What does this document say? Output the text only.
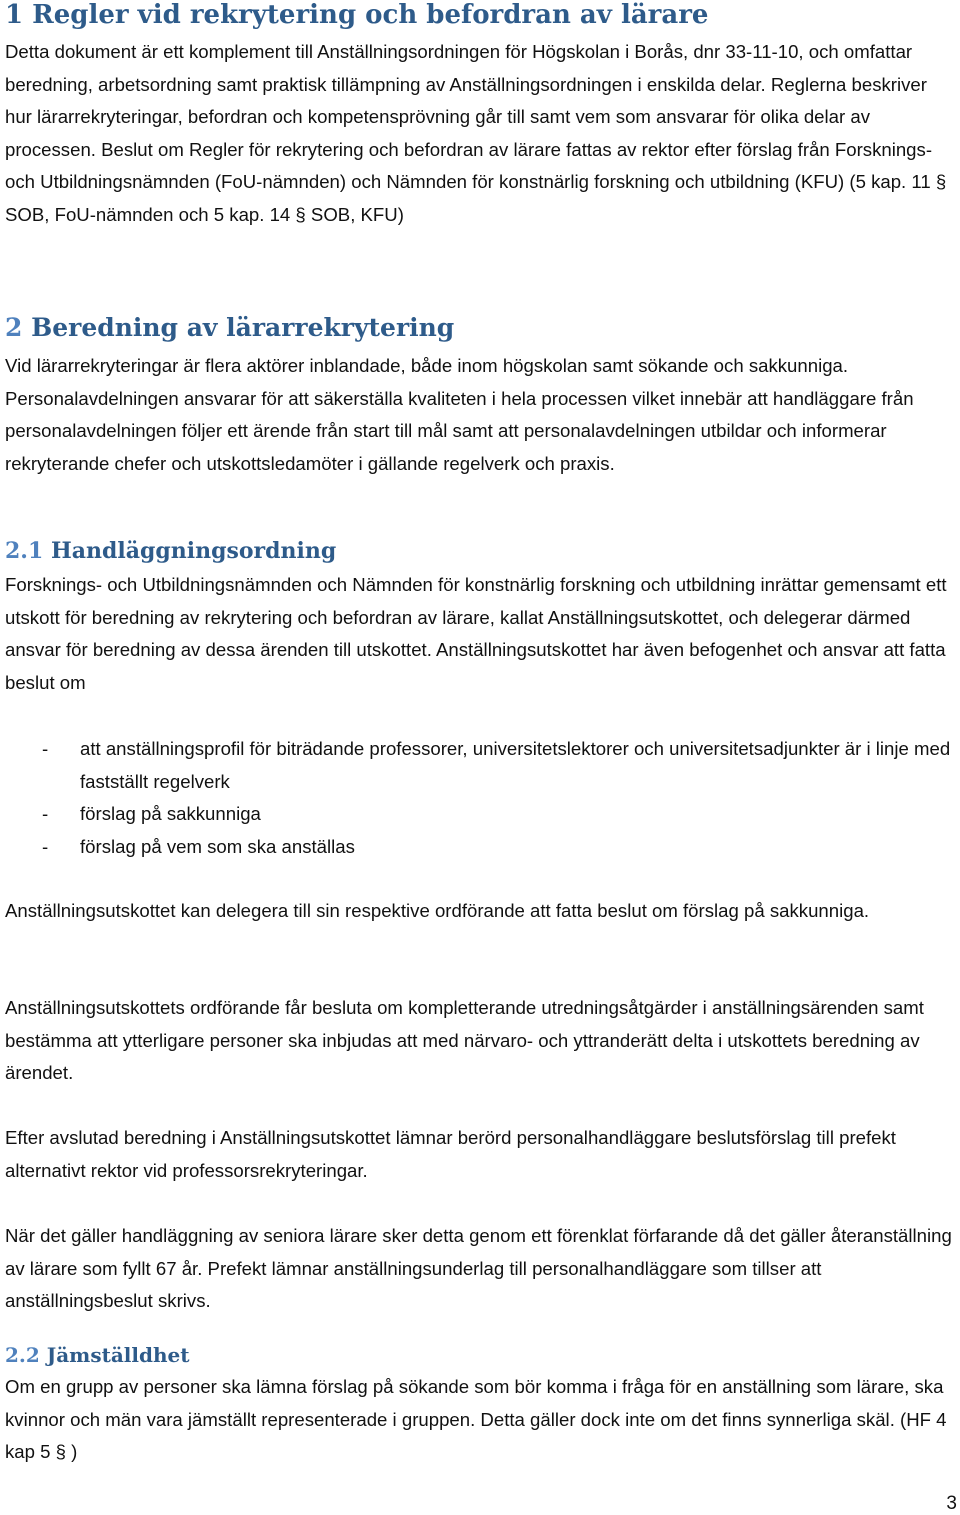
1 Regler vid rekrytering och befordran av lärare

Detta dokument är ett komplement till Anställningsordningen för Högskolan i Borås, dnr 33-11-10, och omfattar beredning, arbetsordning samt praktisk tillämpning av Anställningsordningen i enskilda delar. Reglerna beskriver hur lärarrekryteringar, befordran och kompetensprövning går till samt vem som ansvarar för olika delar av processen. Beslut om Regler för rekrytering och befordran av lärare fattas av rektor efter förslag från Forsknings- och Utbildningsnämnden (FoU-nämnden) och Nämnden för konstnärlig forskning och utbildning (KFU) (5 kap. 11 § SOB, FoU-nämnden och 5 kap. 14 § SOB, KFU)

2 Beredning av lärarrekrytering

Vid lärarrekryteringar är flera aktörer inblandade, både inom högskolan samt sökande och sakkunniga. Personalavdelningen ansvarar för att säkerställa kvaliteten i hela processen vilket innebär att handläggare från personalavdelningen följer ett ärende från start till mål samt att personalavdelningen utbildar och informerar rekryterande chefer och utskottsledamöter i gällande regelverk och praxis.

2.1 Handläggningsordning

Forsknings- och Utbildningsnämnden och Nämnden för konstnärlig forskning och utbildning inrättar gemensamt ett utskott för beredning av rekrytering och befordran av lärare, kallat Anställningsutskottet, och delegerar därmed ansvar för beredning av dessa ärenden till utskottet. Anställningsutskottet har även befogenhet och ansvar att fatta beslut om

- att anställningsprofil för biträdande professorer, universitetslektorer och universitetsadjunkter är i linje med fastställt regelverk
- förslag på sakkunniga
- förslag på vem som ska anställas

Anställningsutskottet kan delegera till sin respektive ordförande att fatta beslut om förslag på sakkunniga.

Anställningsutskottets ordförande får besluta om kompletterande utredningsåtgärder i anställningsärenden samt bestämma att ytterligare personer ska inbjudas att med närvaro- och yttranderätt delta i utskottets beredning av ärendet.

Efter avslutad beredning i Anställningsutskottet lämnar berörd personalhandläggare beslutsförslag till prefekt alternativt rektor vid professorsrekryteringar.

När det gäller handläggning av seniora lärare sker detta genom ett förenklat förfarande då det gäller återanställning av lärare som fyllt 67 år. Prefekt lämnar anställningsunderlag till personalhandläggare som tillser att anställningsbeslut skrivs.

2.2 Jämställdhet

Om en grupp av personer ska lämna förslag på sökande som bör komma i fråga för en anställning som lärare, ska kvinnor och män vara jämställt representerade i gruppen. Detta gäller dock inte om det finns synnerliga skäl. (HF 4 kap 5 § )

3
